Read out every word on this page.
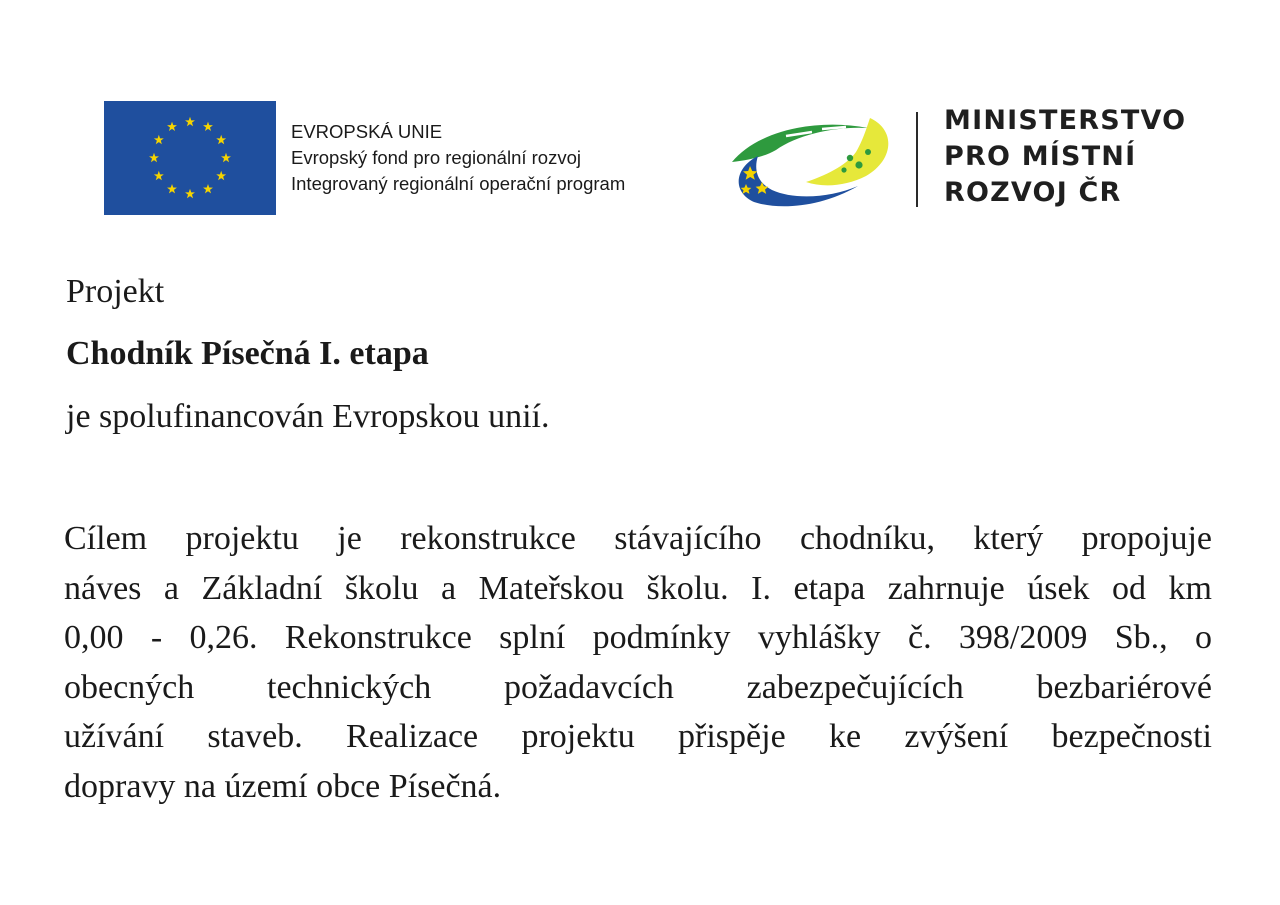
EVROPSKÁ UNIE
Evropský fond pro regionální rozvoj
Integrovaný regionální operační program
MINISTERSTVO
PRO MÍSTNÍ
ROZVOJ ČR
Projekt
Chodník Písečná I. etapa
je spolufinancován Evropskou unií.
Cílem projektu je rekonstrukce stávajícího chodníku, který propojuje
náves a Základní školu a Mateřskou školu. I. etapa zahrnuje úsek od km
0,00 - 0,26. Rekonstrukce splní podmínky vyhlášky č. 398/2009 Sb., o
obecných technických požadavcích zabezpečujících bezbariérové
užívání staveb. Realizace projektu přispěje ke zvýšení bezpečnosti
dopravy na území obce Písečná.
